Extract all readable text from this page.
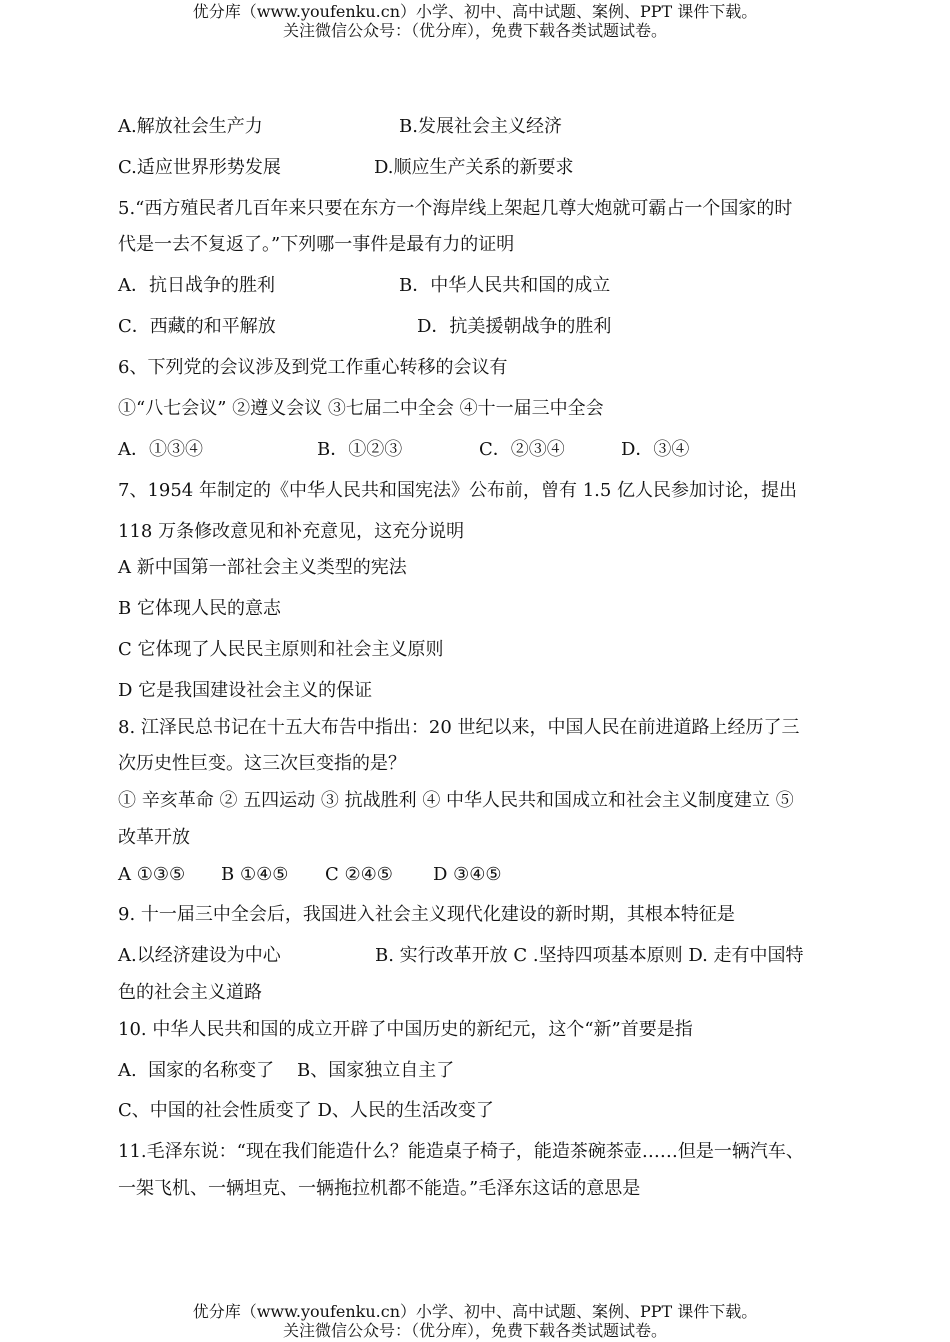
优分库（www.youfenku.cn）小学、初中、高中试题、案例、PPT 课件下载。
关注微信公众号：（优分库），免费下载各类试题试卷。
A.解放社会生产力	B.发展社会主义经济
C.适应世界形势发展	D.顺应生产关系的新要求
5.“西方殖民者几百年来只要在东方一个海岸线上架起几尊大炮就可霸占一个国家的时
代是一去不复返了。”下列哪一事件是最有力的证明
A．抗日战争的胜利	B．中华人民共和国的成立
C．西藏的和平解放	D．抗美援朝战争的胜利
6、下列党的会议涉及到党工作重心转移的会议有
①“八七会议” ②遵义会议 ③七届二中全会 ④十一届三中全会
A．①③④	B．①②③	C．②③④	D．③④
7、1954 年制定的《中华人民共和国宪法》公布前，曾有 1.5 亿人民参加讨论，提出
118 万条修改意见和补充意见，这充分说明
A 新中国第一部社会主义类型的宪法
B 它体现人民的意志
C 它体现了人民民主原则和社会主义原则
D 它是我国建设社会主义的保证
8. 江泽民总书记在十五大布告中指出：20 世纪以来，中国人民在前进道路上经历了三
次历史性巨变。这三次巨变指的是？
① 辛亥革命 ② 五四运动 ③ 抗战胜利 ④ 中华人民共和国成立和社会主义制度建立 ⑤
改革开放
A ①③⑤ B ①④⑤ C ②④⑤ D ③④⑤
9. 十一届三中全会后，我国进入社会主义现代化建设的新时期，其根本特征是
A.以经济建设为中心	B. 实行改革开放 C .坚持四项基本原则 D. 走有中国特
色的社会主义道路
10. 中华人民共和国的成立开辟了中国历史的新纪元，这个“新”首要是指
A.  国家的名称变了    B、国家独立自主了
C、中国的社会性质变了 D、人民的生活改变了
11.毛泽东说：“现在我们能造什么？能造桌子椅子，能造茶碗茶壶……但是一辆汽车、
一架飞机、一辆坦克、一辆拖拉机都不能造。”毛泽东这话的意思是
优分库（www.youfenku.cn）小学、初中、高中试题、案例、PPT 课件下载。
关注微信公众号：（优分库），免费下载各类试题试卷。
